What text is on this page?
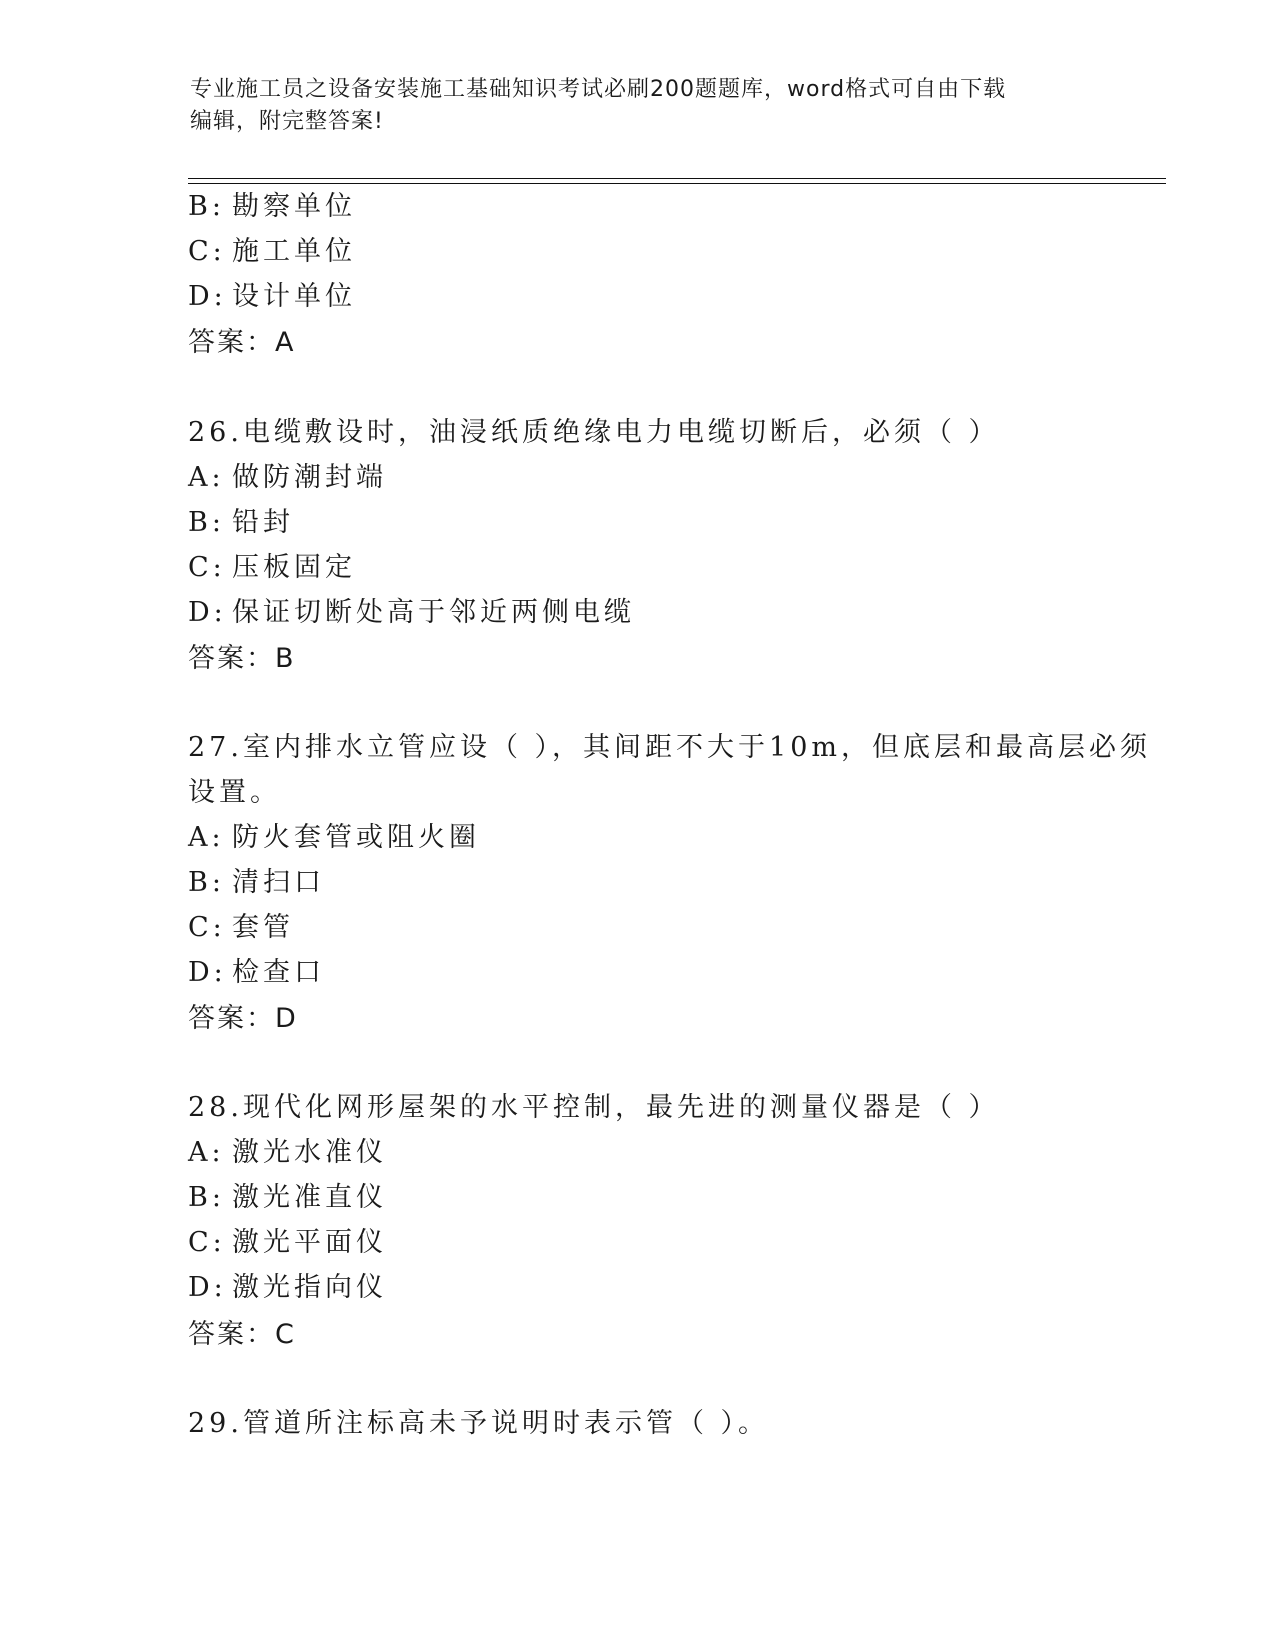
专业施工员之设备安装施工基础知识考试必刷200题题库，word格式可自由下载
编辑，附完整答案!
B: 勘察单位
C: 施工单位
D: 设计单位
答案：A
26.电缆敷设时，油浸纸质绝缘电力电缆切断后，必须（ ）
A: 做防潮封端
B: 铅封
C: 压板固定
D: 保证切断处高于邻近两侧电缆
答案：B
27.室内排水立管应设（ ），其间距不大于10m，但底层和最高层必须
设置。
A: 防火套管或阻火圈
B: 清扫口
C: 套管
D: 检查口
答案：D
28.现代化网形屋架的水平控制，最先进的测量仪器是（ ）
A: 激光水准仪
B: 激光准直仪
C: 激光平面仪
D: 激光指向仪
答案：C
29.管道所注标高未予说明时表示管（ ）。
